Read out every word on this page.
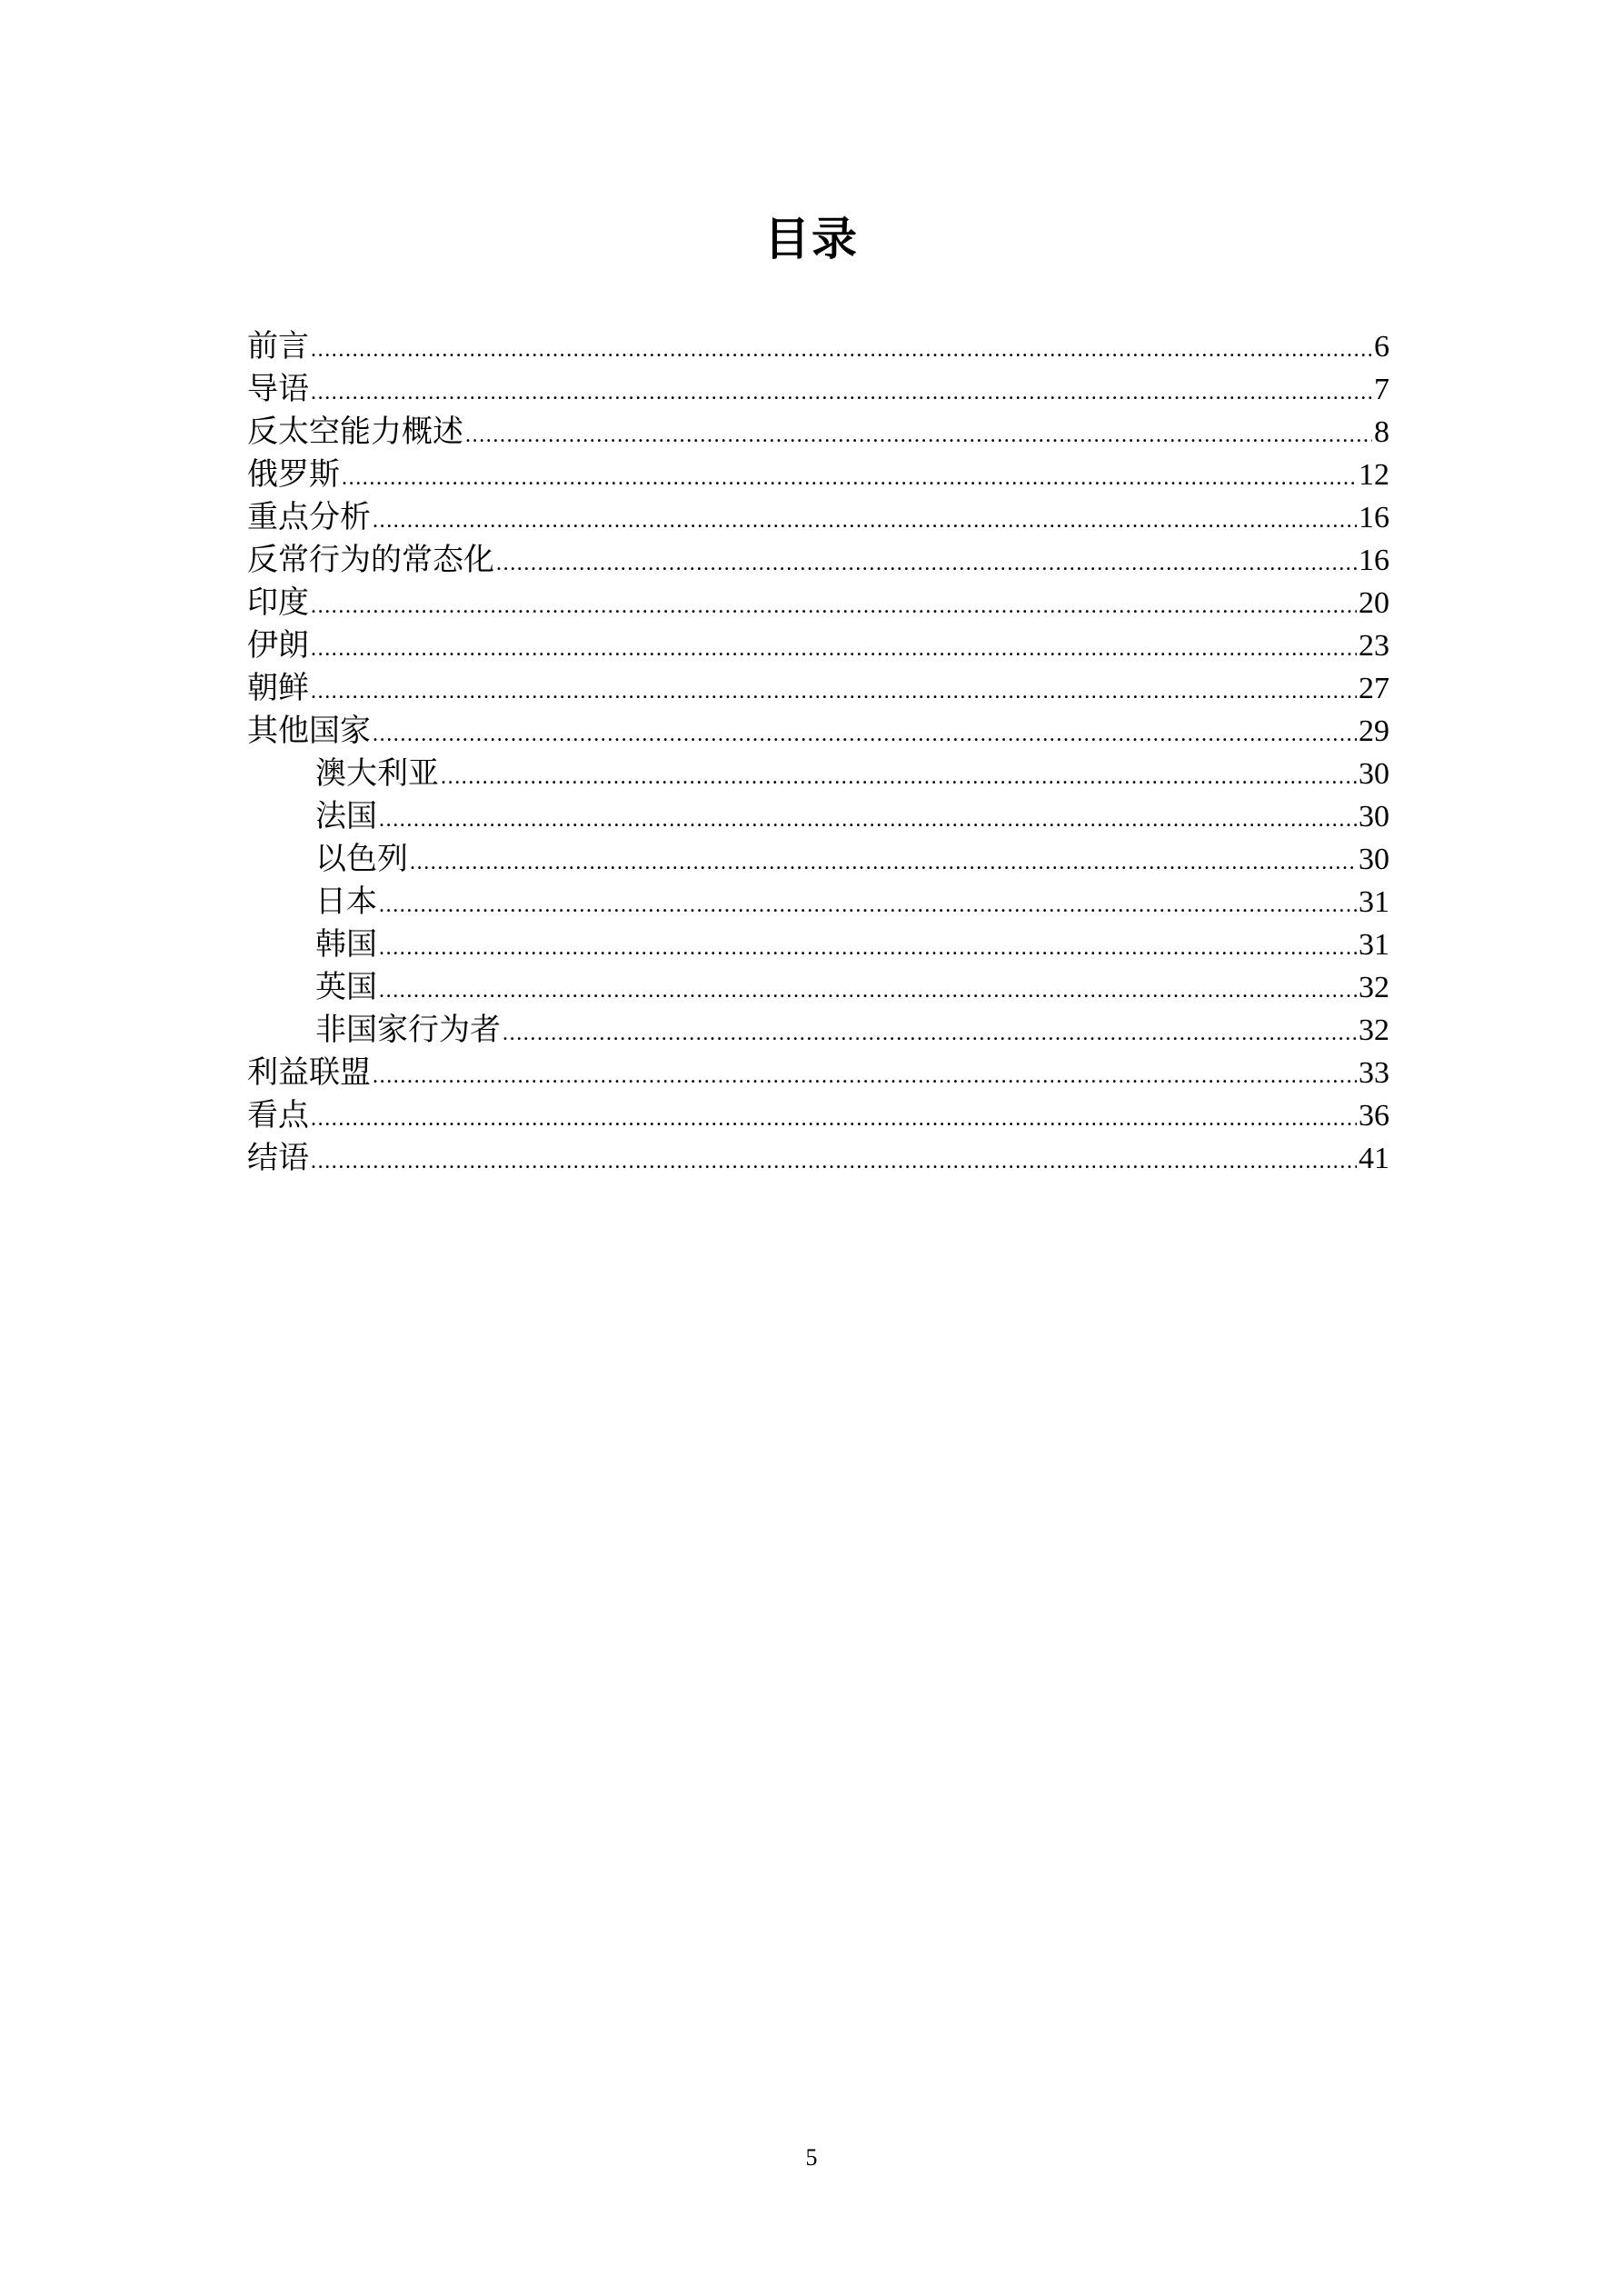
目录
前言 .....	6
导语 .....	7
反太空能力概述 .....	8
俄罗斯 .....	12
重点分析 .....	16
反常行为的常态化 .....	16
印度 .....	20
伊朗 .....	23
朝鲜 .....	27
其他国家 .....	29
澳大利亚 .....	30
法国 .....	30
以色列 .....	30
日本 .....	31
韩国 .....	31
英国 .....	32
非国家行为者 .....	32
利益联盟 .....	33
看点 .....	36
结语 .....	41
5
